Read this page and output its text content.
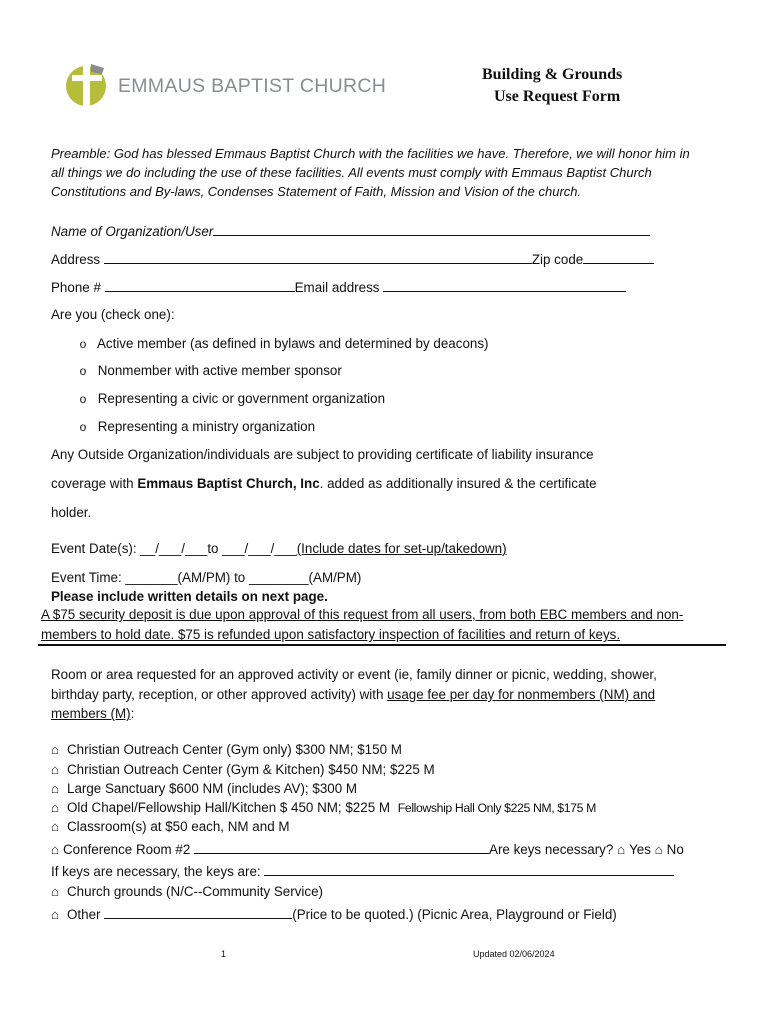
EMMAUS BAPTIST CHURCH
Building & Grounds
Use Request Form
Preamble: God has blessed Emmaus Baptist Church with the facilities we have. Therefore, we will honor him in
all things we do including the use of these facilities. All events must comply with Emmaus Baptist Church
Constitutions and By-laws, Condenses Statement of Faith, Mission and Vision of the church.
Name of Organization/User
Address	Zip code
Phone #	Email address
Are you (check one):
o Active member (as defined in bylaws and determined by deacons)
o Nonmember with active member sponsor
o Representing a civic or government organization
o Representing a ministry organization
Any Outside Organization/individuals are subject to providing certificate of liability insurance
coverage with Emmaus Baptist Church, Inc. added as additionally insured & the certificate
holder.
Event Date(s): __/___/___to ___/___/___(Include dates for set-up/takedown)
Event Time: _______(AM/PM) to ________(AM/PM)
Please include written details on next page.
A $75 security deposit is due upon approval of this request from all users, from both EBC members and non-
members to hold date. $75 is refunded upon satisfactory inspection of facilities and return of keys.
Room or area requested for an approved activity or event (ie, family dinner or picnic, wedding, shower,
birthday party, reception, or other approved activity) with usage fee per day for nonmembers (NM) and
members (M):
⌂ Christian Outreach Center (Gym only) $300 NM; $150 M
⌂ Christian Outreach Center (Gym & Kitchen) $450 NM; $225 M
⌂ Large Sanctuary $600 NM (includes AV); $300 M
⌂ Old Chapel/Fellowship Hall/Kitchen $ 450 NM; $225 M Fellowship Hall Only $225 NM, $175 M
⌂ Classroom(s) at $50 each, NM and M
⌂ Conference Room #2	Are keys necessary? ⌂ Yes ⌂ No
If keys are necessary, the keys are:
⌂ Church grounds (N/C--Community Service)
⌂ Other	(Price to be quoted.) (Picnic Area, Playground or Field)
1	Updated 02/06/2024
